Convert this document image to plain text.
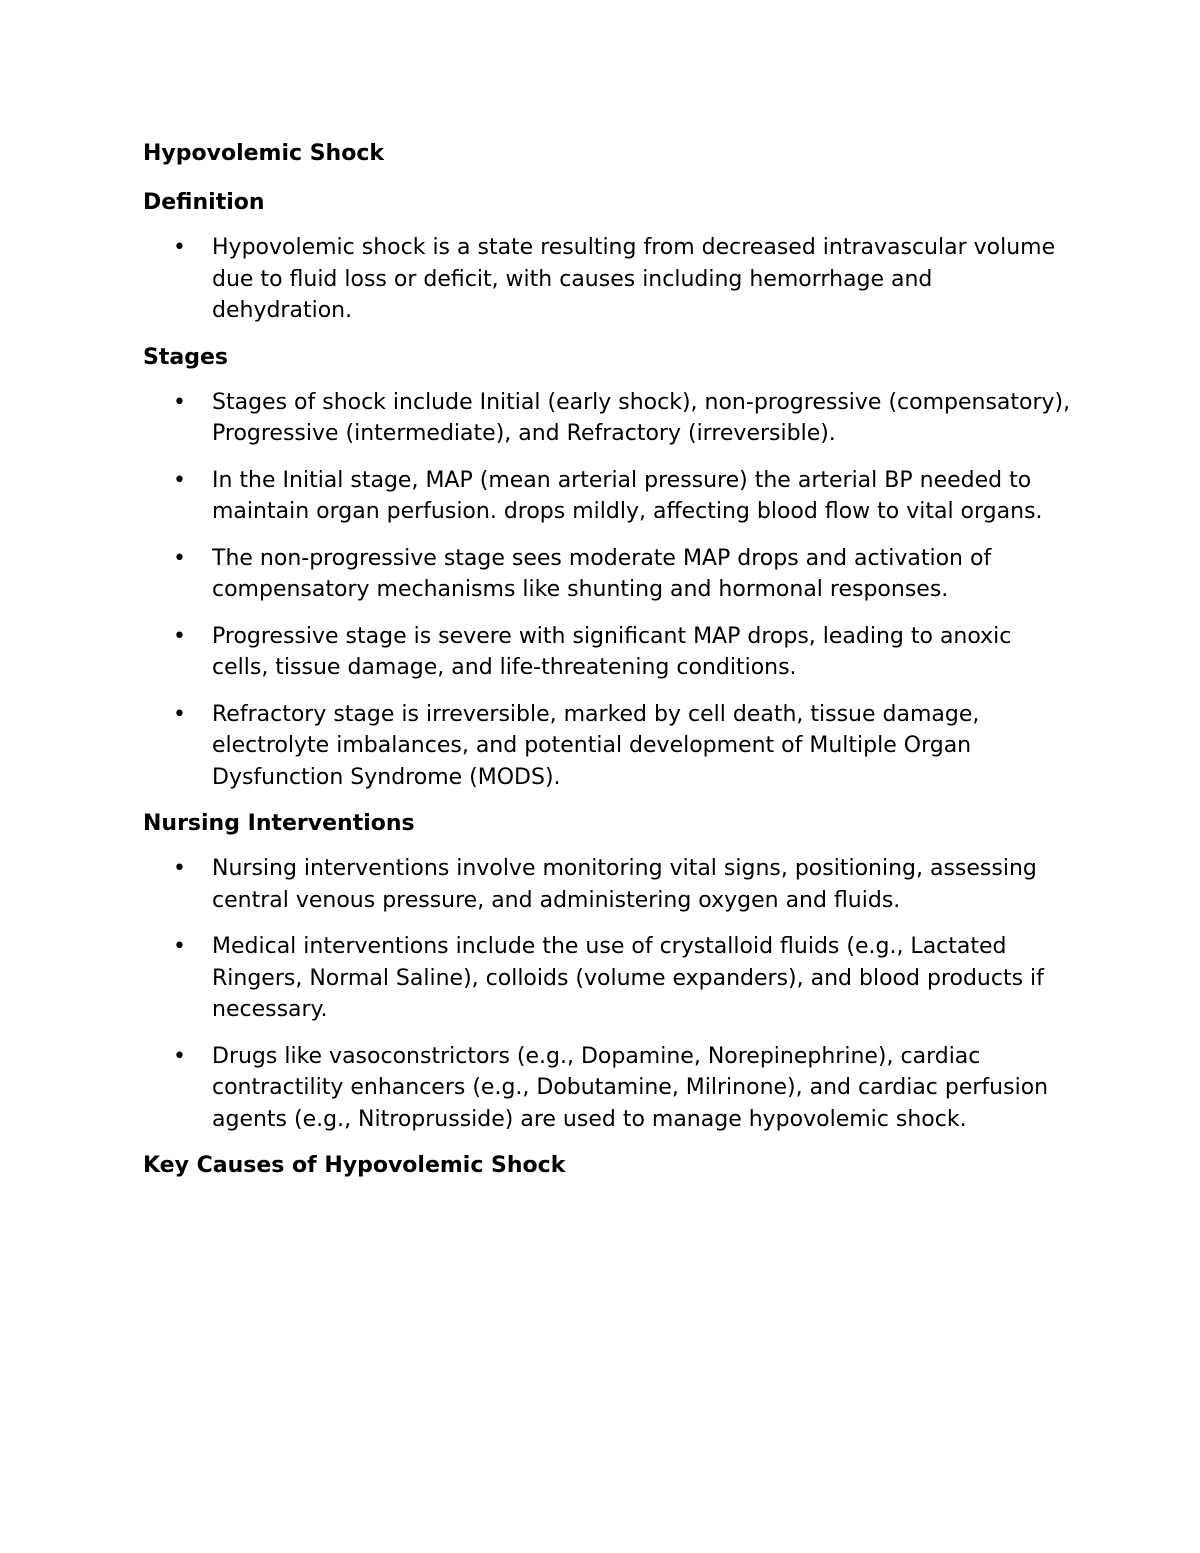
Hypovolemic Shock
Definition
• Hypovolemic shock is a state resulting from decreased intravascular volume due to fluid loss or deficit, with causes including hemorrhage and dehydration.
Stages
• Stages of shock include Initial (early shock), non-progressive (compensatory), Progressive (intermediate), and Refractory (irreversible).
• In the Initial stage, MAP (mean arterial pressure) the arterial BP needed to maintain organ perfusion. drops mildly, affecting blood flow to vital organs.
• The non-progressive stage sees moderate MAP drops and activation of compensatory mechanisms like shunting and hormonal responses.
• Progressive stage is severe with significant MAP drops, leading to anoxic cells, tissue damage, and life-threatening conditions.
• Refractory stage is irreversible, marked by cell death, tissue damage, electrolyte imbalances, and potential development of Multiple Organ Dysfunction Syndrome (MODS).
Nursing Interventions
• Nursing interventions involve monitoring vital signs, positioning, assessing central venous pressure, and administering oxygen and fluids.
• Medical interventions include the use of crystalloid fluids (e.g., Lactated Ringers, Normal Saline), colloids (volume expanders), and blood products if necessary.
• Drugs like vasoconstrictors (e.g., Dopamine, Norepinephrine), cardiac contractility enhancers (e.g., Dobutamine, Milrinone), and cardiac perfusion agents (e.g., Nitroprusside) are used to manage hypovolemic shock.
Key Causes of Hypovolemic Shock
